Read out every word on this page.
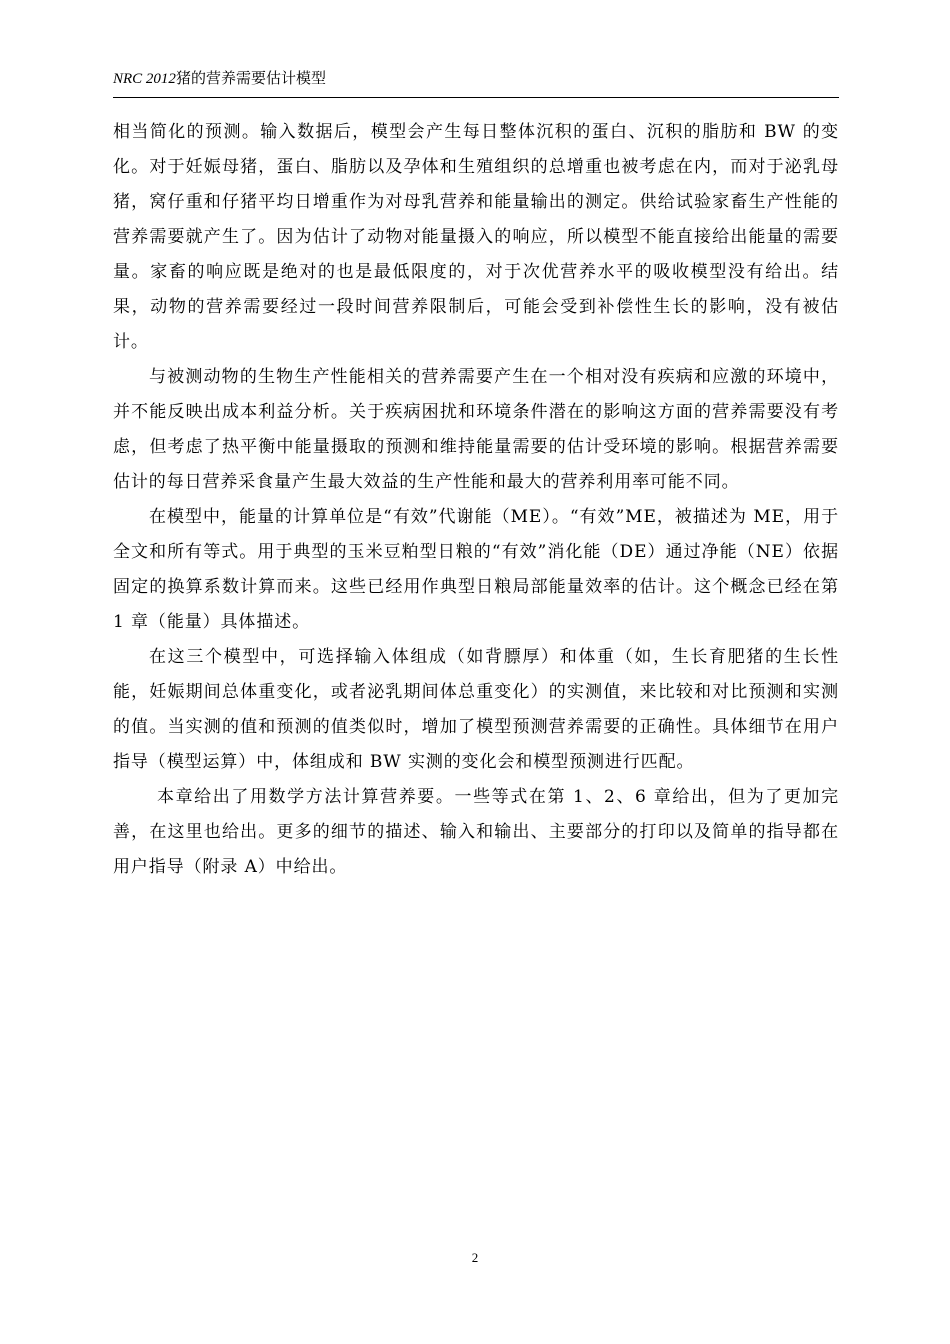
NRC 2012猪的营养需要估计模型

相当简化的预测。输入数据后，模型会产生每日整体沉积的蛋白、沉积的脂肪和 BW 的变化。对于妊娠母猪，蛋白、脂肪以及孕体和生殖组织的总增重也被考虑在内，而对于泌乳母猪，窝仔重和仔猪平均日增重作为对母乳营养和能量输出的测定。供给试验家畜生产性能的营养需要就产生了。因为估计了动物对能量摄入的响应，所以模型不能直接给出能量的需要量。家畜的响应既是绝对的也是最低限度的，对于次优营养水平的吸收模型没有给出。结果，动物的营养需要经过一段时间营养限制后，可能会受到补偿性生长的影响，没有被估计。

与被测动物的生物生产性能相关的营养需要产生在一个相对没有疾病和应激的环境中，并不能反映出成本利益分析。关于疾病困扰和环境条件潜在的影响这方面的营养需要没有考虑，但考虑了热平衡中能量摄取的预测和维持能量需要的估计受环境的影响。根据营养需要估计的每日营养采食量产生最大效益的生产性能和最大的营养利用率可能不同。

在模型中，能量的计算单位是“有效”代谢能（ME）。“有效”ME，被描述为 ME，用于全文和所有等式。用于典型的玉米豆粕型日粮的“有效”消化能（DE）通过净能（NE）依据固定的换算系数计算而来。这些已经用作典型日粮局部能量效率的估计。这个概念已经在第 1 章（能量）具体描述。

在这三个模型中，可选择输入体组成（如背膘厚）和体重（如，生长育肥猪的生长性能，妊娠期间总体重变化，或者泌乳期间体总重变化）的实测值，来比较和对比预测和实测的值。当实测的值和预测的值类似时，增加了模型预测营养需要的正确性。具体细节在用户指导（模型运算）中，体组成和 BW 实测的变化会和模型预测进行匹配。

本章给出了用数学方法计算营养要。一些等式在第 1、2、6 章给出，但为了更加完善，在这里也给出。更多的细节的描述、输入和输出、主要部分的打印以及简单的指导都在用户指导（附录 A）中给出。

2
